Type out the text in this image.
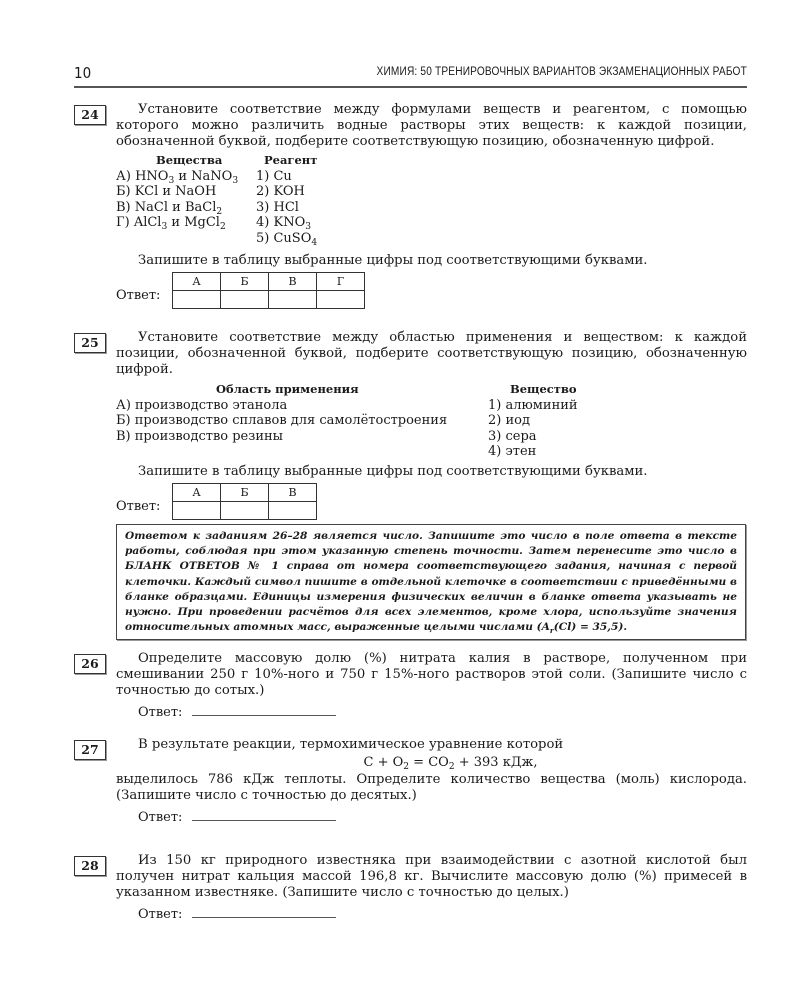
10	ХИМИЯ: 50 ТРЕНИРОВОЧНЫХ ВАРИАНТОВ ЭКЗАМЕНАЦИОННЫХ РАБОТ
24	Установите соответствие между формулами веществ и реагентом, с помощью которого можно различить водные растворы этих веществ: к каждой позиции, обозначенной буквой, подберите соответствующую позицию, обозначенную цифрой.
Вещества
А) $HNO_3$ и NaNO$_3$
Б) KCl и NaOH
В) NaCl и BaCl$_2$
Г) AlCl$_3$ и MgCl$_2$
Реагент
1) Cu
2) KOH
3) HCl
4) $KNO_3$
5) CuSO$_4$
Запишите в таблицу выбранные цифры под соответствующими буквами.
Ответ:
А	Б	В	Г

25	Установите соответствие между областью применения и веществом: к каждой позиции, обозначенной буквой, подберите соответствующую позицию, обозначенную цифрой.
Область применения
А) производство этанола
Б) производство сплавов для самолётостроения
В) производство резины
Вещество
1) алюминий
2) иод
3) сера
4) этен
Запишите в таблицу выбранные цифры под соответствующими буквами.
Ответ:
А	Б	В

Ответом к заданиям 26–28 является число. Запишите это число в поле ответа в тексте работы, соблюдая при этом указанную степень точности. Затем перенесите это число в БЛАНК ОТВЕТОВ № 1 справа от номера соответствующего задания, начиная с первой клеточки. Каждый символ пишите в отдельной клеточке в соответствии с приведёнными в бланке образцами. Единицы измерения физических величин в бланке ответа указывать не нужно. При проведении расчётов для всех элементов, кроме хлора, используйте значения относительных атомных масс, выраженные целыми числами $(A_r(Cl) = 35,5)$.
26	Определите массовую долю (%) нитрата калия в растворе, полученном при смешивании 250 г 10%-ного и 750 г 15%-ного растворов этой соли. (Запишите число с точностью до сотых.)
Ответ:
27	В результате реакции, термохимическое уравнение которой
$C + O_2 = CO_2 + 393$ кДж,
выделилось 786 кДж теплоты. Определите количество вещества (моль) кислорода. (Запишите число с точностью до десятых.)
Ответ:
28	Из 150 кг природного известняка при взаимодействии с азотной кислотой был получен нитрат кальция массой 196,8 кг. Вычислите массовую долю (%) примесей в указанном известняке. (Запишите число с точностью до целых.)
Ответ:
